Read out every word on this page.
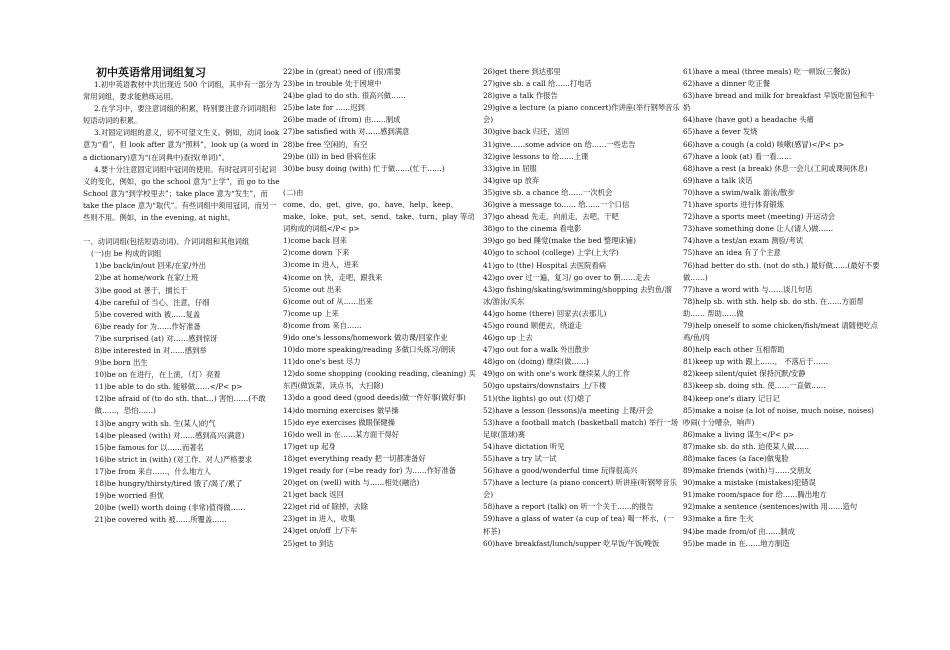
初中英语常用词组复习
1.初中英语教材中共出现近 500 个词组，其中有一部分为常用词组，要求能熟练运用。
2.在学习中，要注意词组的积累，特别要注意介词词组和短语动词的积累。
3.对固定词组的意义，切不可望文生义。例如，动词 look 意为“看”，但 look after 意为“照料”，look up (a word in a dictionary)意为“(在词典中)查找(单词)”。
4.要十分注意固定词组中冠词的使用。有时冠词可引起词义的变化，例如，go the school 意为“上学”，而 go to the School 意为“到学校里去”；take place 意为“发生”，而 take the place 意为“取代”。有些词组中须用冠词，而另一些则不用。例如，in the evening, at night。
一、动词词组(包括短语动词)、介词词组和其他词组
(一)由 be 构成的词组
1)be back/in/out 回来/在家/外出
2)be at home/work 在家/上班
3)be good at 善于，擅长于
4)be careful of 当心，注意，仔细
5)be covered with 被……复盖
6)be ready for 为……作好准备
7)be surprised (at) 对……感到惊讶
8)be interested in 对……感到举
9)be born 出生
10)be on 在进行，在上演，（灯）亮着
11)be able to do sth. 能够做……</P< p>
12)be afraid of (to do sth. that…) 害怕……(不敢做……，恐怕……)
13)be angry with sb. 生(某人)的气
14)be pleased (with) 对……感到高兴(满意)
15)be famous for 以……而著名
16)be strict in (with) (对工作、对人)严格要求
17)be from 来自……，什么地方人
18)be hungry/thirsty/tired 饿了/渴了/累了
19)be worried 担忧
20)be (well) worth doing (非常)值得做……
21)be covered with 被……所覆盖……
22)be in (great) need of (很)需要
23)be in trouble 处于困境中
24)be glad to do sth. 很高兴做……
25)be late for ……迟到
26)be made of (from) 由……制成
27)be satisfied with 对……感到满意
28)be free 空闲的，有空
29)be (ill) in bed 卧病在床
30)be busy doing (with) 忙于做……(忙于……)
(二)由
come、do、get、give、go、have、help、keep、make、loke、put、set、send、take、turn、play 等动词构成的词组</P< p>
1)come back 回来
2)come down 下来
3)come in 进入，进来
4)come on 快，走吧，跟我来
5)come out 出来
6)come out of 从……出来
7)come up 上来
8)come from 来自……
9)do one's lessons/homework 做功课/回家作业
10)do more speaking/reading 多做口头练习/朗读
11)do one's best 尽力
12)do some shopping (cooking reading, cleaning) 买东西(做饭菜，读点书，大扫除)
13)do a good deed (good deeds)做一件好事(做好事)
14)do morning exercises 做早操
15)do eye exercises 做眼保健操
16)do well in 在……某方面干得好
17)get up 起身
18)get everything ready 把一切都准备好
19)get ready for (=be ready for) 为……作好准备
20)get on (well) with 与……相处(融洽)
21)get back 返回
22)get rid of 除掉，去除
23)get in 进入，收集
24)get on/off 上/下车
25)get to 到达
26)get there 到达那里
27)give sb. a call 给……打电话
28)give a talk 作报告
29)give a lecture (a piano concert)作讲座(举行钢琴音乐会)
30)give back 归还，送回
31)give……some advice on 给……一些忠告
32)give lessons to 给……上课
33)give in 屈服
34)give up 放弃
35)give sb. a chance 给……一次机会
36)give a message to…… 给……一个口信
37)go ahead 先走，向前走，去吧，干吧
38)go to the cinema 看电影
39)go go bed 睡觉(make the bed 整理床铺)
40)go to school (college) 上学(上大学)
41)go to (the) Hospital 去医院看病
42)go over 过一遍，复习/ go over to 朝……走去
43)go fishing/skating/swimming/shopping 去钓鱼/溜冰/游泳/买东
44)go home (there) 回家去(去那儿)
45)go round 顺便去，绕道走
46)go up 上去
47)go out for a walk 外出散步
48)go on (doing) 继续(做……)
49)go on with one's work 继续某人的工作
50)go upstairs/downstairs 上/下楼
51)(the lights) go out (灯)熄了
52)have a lesson (lessons)/a meeting 上课/开会
53)have a football match (basketball match) 举行一场足球(篮球)赛
54)have dictation 听见
55)have a try 试一试
56)have a good/wonderful time 玩得很高兴
57)have a lecture (a piano concert) 听讲座(听钢琴音乐会)
58)have a report (talk) on 听一个关于……的报告
59)have a glass of water (a cup of tea) 喝一杯水，(一杯茶)
60)have breakfast/lunch/supper 吃早饭/午饭/晚饭
61)have a meal (three meals) 吃一顿饭(三餐饭)
62)have a dinner 吃正餐
63)have bread and milk for breakfast 早饭吃面包和牛奶
64)have (have got) a headache 头痛
65)have a fever 发烧
66)have a cough (a cold) 咳嗽(感冒)</P< p>
67)have a look (at) 看一看……
68)have a rest (a break) 休息一会儿(工间或课间休息)
69)have a talk 谈话
70)have a swim/walk 游泳/散步
71)have sports 进行体育锻炼
72)have a sports meet (meeting) 开运动会
73)have something done 让人(请人)做……
74)have a test/an exam 测验/考试
75)have an idea 有了个主意
76)had better do sth. (not do sth.) 最好做……(最好不要做……)
77)have a word with 与……谈几句话
78)help sb. with sth. help sb. do sth. 在……方面帮助…… 帮助……做
79)help oneself to some chicken/fish/meat 请随便吃点鸡/鱼/肉
80)help each other 互相帮助
81)keep up with 跟上……， 不落后于……
82)keep silent/quiet 保持沉默/安静
83)keep sb. doing sth. 使……一直做……
84)keep one's diary 记日记
85)make a noise (a lot of noise, much noise, noises) 吵闹(十分嘈杂，响声)
86)make a living 谋生</P< p>
87)make sb. do sth. 迫使某人做……
88)make faces (a face)做鬼脸
89)make friends (with)与……交朋友
90)make a mistake (mistakes)犯错误
91)make room/space for 给……腾出地方
92)make a sentence (sentences)with 用……造句
93)make a fire 生火
94)be made from/of 由……制成
95)be made in 在……地方制造
